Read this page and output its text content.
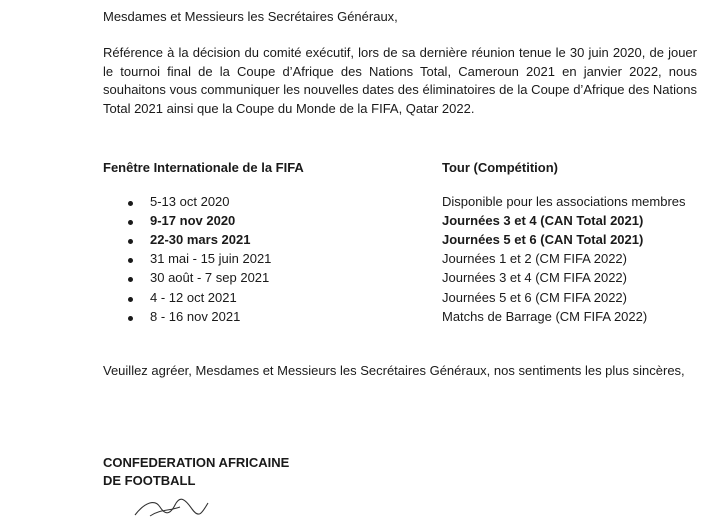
Mesdames et Messieurs les Secrétaires Généraux,
Référence à la décision du comité exécutif, lors de sa dernière réunion tenue le 30 juin 2020, de jouer le tournoi final de la Coupe d’Afrique des Nations Total, Cameroun 2021 en janvier 2022, nous souhaitons vous communiquer les nouvelles dates des éliminatoires de la Coupe d’Afrique des Nations Total 2021 ainsi que la Coupe du Monde de la FIFA, Qatar 2022.
Fenêtre Internationale de la FIFA	Tour (Compétition)
5-13 oct 2020	Disponible pour les associations membres
9-17 nov 2020	Journées 3 et 4 (CAN Total 2021)
22-30 mars 2021	Journées 5 et 6 (CAN Total 2021)
31 mai - 15 juin 2021	Journées 1 et 2 (CM FIFA 2022)
30 août - 7 sep 2021	Journées 3 et 4 (CM FIFA 2022)
4 - 12 oct 2021	Journées 5 et 6 (CM FIFA 2022)
8 - 16 nov 2021	Matchs de Barrage (CM FIFA 2022)
Veuillez agréer, Mesdames et Messieurs les Secrétaires Généraux, nos sentiments les plus sincères,
CONFEDERATION AFRICAINE
DE FOOTBALL
